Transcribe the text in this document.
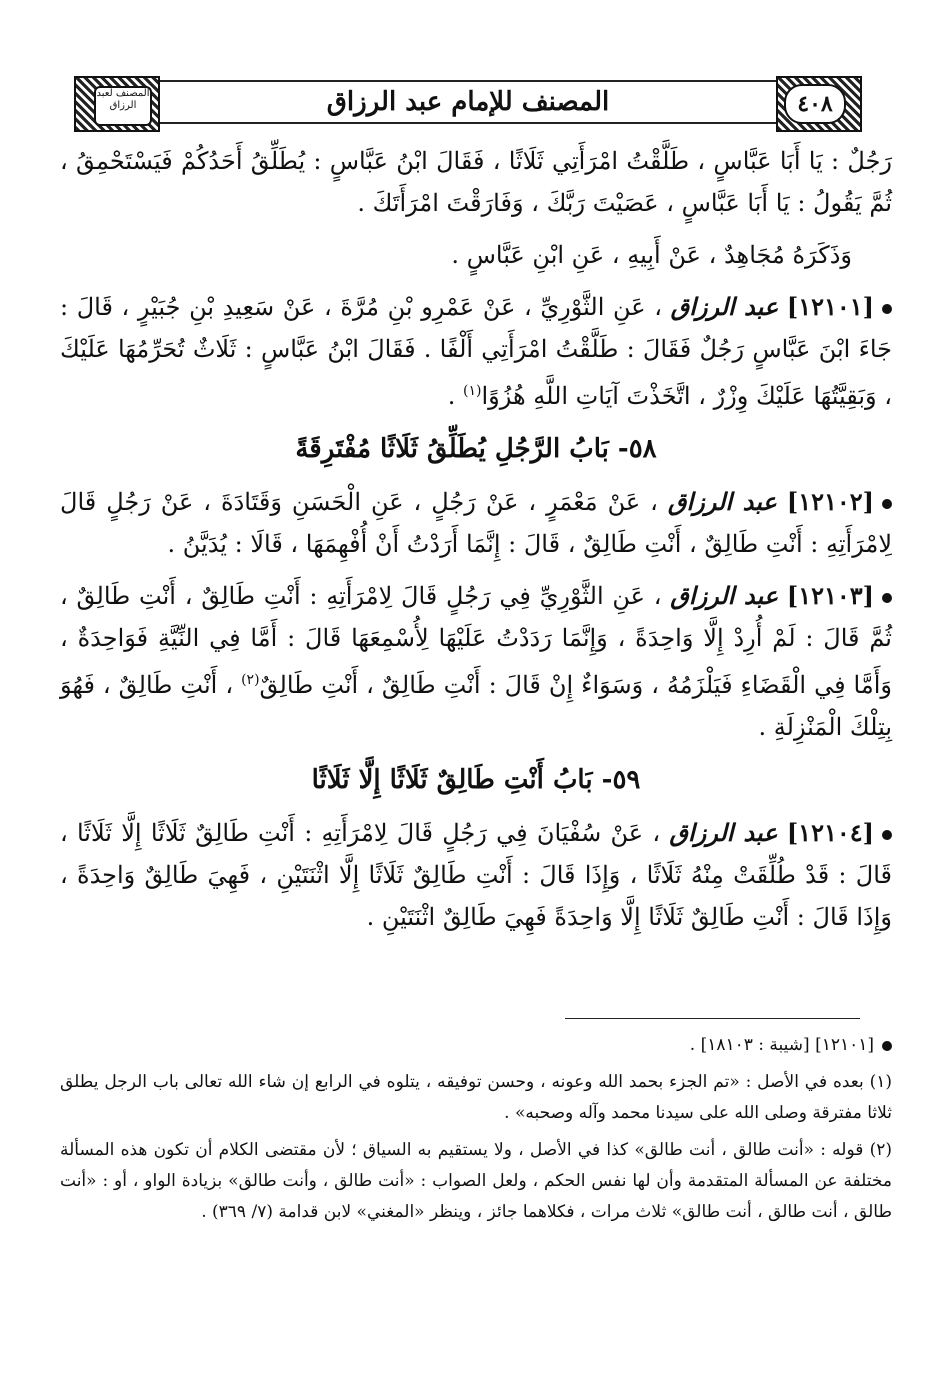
المصنف لعبد الرزاق	٤٠٨
المصنف للإمام عبد الرزاق

رَجُلٌ : يَا أَبَا عَبَّاسٍ ، طَلَّقْتُ امْرَأَتِي ثَلَاثًا ، فَقَالَ ابْنُ عَبَّاسٍ : يُطَلِّقُ أَحَدُكُمْ فَيَسْتَحْمِقُ ، ثُمَّ يَقُولُ : يَا أَبَا عَبَّاسٍ ، عَصَيْتَ رَبَّكَ ، وَفَارَقْتَ امْرَأَتَكَ .

وَذَكَرَهُ مُجَاهِدٌ ، عَنْ أَبِيهِ ، عَنِ ابْنِ عَبَّاسٍ .

[١٢١٠١] عبد الرزاق ، عَنِ الثَّوْرِيِّ ، عَنْ عَمْرِو بْنِ مُرَّةَ ، عَنْ سَعِيدِ بْنِ جُبَيْرٍ ، قَالَ : جَاءَ ابْنَ عَبَّاسٍ رَجُلٌ فَقَالَ : طَلَّقْتُ امْرَأَتِي أَلْفًا . فَقَالَ ابْنُ عَبَّاسٍ : ثَلَاثٌ تُحَرِّمُهَا عَلَيْكَ ، وَبَقِيَّتُهَا عَلَيْكَ وِزْرٌ ، اتَّخَذْتَ آيَاتِ اللَّهِ هُزُوًا$^{(١)}$ .

٥٨- بَابُ الرَّجُلِ يُطَلِّقُ ثَلَاثًا مُفْتَرِقَةً

[١٢١٠٢] عبد الرزاق ، عَنْ مَعْمَرٍ ، عَنْ رَجُلٍ ، عَنِ الْحَسَنِ وَقَتَادَةَ ، عَنْ رَجُلٍ قَالَ لِامْرَأَتِهِ : أَنْتِ طَالِقٌ ، أَنْتِ طَالِقٌ ، قَالَ : إِنَّمَا أَرَدْتُ أَنْ أُفْهِمَهَا ، قَالَا : يُدَيَّنُ .

[١٢١٠٣] عبد الرزاق ، عَنِ الثَّوْرِيِّ فِي رَجُلٍ قَالَ لِامْرَأَتِهِ : أَنْتِ طَالِقٌ ، أَنْتِ طَالِقٌ ، ثُمَّ قَالَ : لَمْ أُرِدْ إِلَّا وَاحِدَةً ، وَإِنَّمَا رَدَدْتُ عَلَيْهَا لِأُسْمِعَهَا قَالَ : أَمَّا فِي النِّيَّةِ فَوَاحِدَةٌ ، وَأَمَّا فِي الْقَضَاءِ فَيَلْزَمُهُ ، وَسَوَاءٌ إِنْ قَالَ : أَنْتِ طَالِقٌ ، أَنْتِ طَالِقٌ$^{(٢)}$ ، أَنْتِ طَالِقٌ ، فَهُوَ بِتِلْكَ الْمَنْزِلَةِ .

٥٩- بَابُ أَنْتِ طَالِقٌ ثَلَاثًا إِلَّا ثَلَاثًا

[١٢١٠٤] عبد الرزاق ، عَنْ سُفْيَانَ فِي رَجُلٍ قَالَ لِامْرَأَتِهِ : أَنْتِ طَالِقٌ ثَلَاثًا إِلَّا ثَلَاثًا ، قَالَ : قَدْ طُلِّقَتْ مِنْهُ ثَلَاثًا ، وَإِذَا قَالَ : أَنْتِ طَالِقٌ ثَلَاثًا إِلَّا اثْنَتَيْنِ ، فَهِيَ طَالِقٌ وَاحِدَةً ، وَإِذَا قَالَ : أَنْتِ طَالِقٌ ثَلَاثًا إِلَّا وَاحِدَةً فَهِيَ طَالِقٌ اثْنَتَيْنِ .

[١٢١٠١] [شيبة : ١٨١٠٣] .

(١) بعده في الأصل : «تم الجزء بحمد الله وعونه ، وحسن توفيقه ، يتلوه في الرابع إن شاء الله تعالى باب الرجل يطلق ثلاثا مفترقة وصلى الله على سيدنا محمد وآله وصحبه» .

(٢) قوله : «أنت طالق ، أنت طالق» كذا في الأصل ، ولا يستقيم به السياق ؛ لأن مقتضى الكلام أن تكون هذه المسألة مختلفة عن المسألة المتقدمة وأن لها نفس الحكم ، ولعل الصواب : «أنت طالق ، وأنت طالق» بزيادة الواو ، أو : «أنت طالق ، أنت طالق ، أنت طالق» ثلاث مرات ، فكلاهما جائز ، وينظر «المغني» لابن قدامة (٧/ ٣٦٩) .
